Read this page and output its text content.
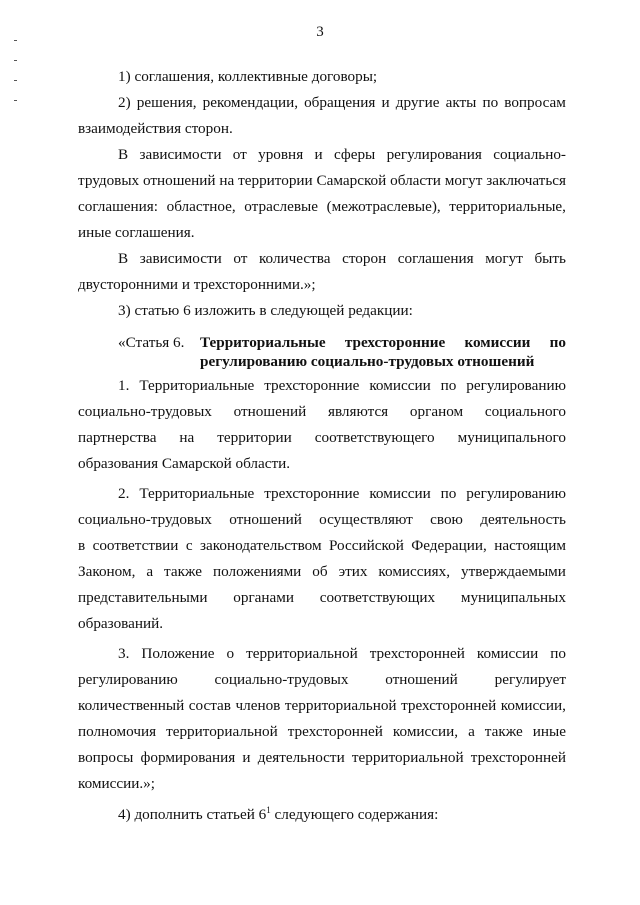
3
1) соглашения, коллективные договоры;
2) решения, рекомендации, обращения и другие акты по вопросам
взаимодействия сторон.
В зависимости от уровня и сферы регулирования социально-
трудовых отношений на территории Самарской области могут заключаться
соглашения: областное, отраслевые (межотраслевые), территориальные,
иные соглашения.
В зависимости от количества сторон соглашения могут быть
двусторонними и трехсторонними.»;
3) статью 6 изложить в следующей редакции:
«Статья 6.	Территориальные трехсторонние комиссии по
регулированию социально-трудовых отношений
1. Территориальные трехсторонние комиссии по регулированию
социально-трудовых отношений являются органом социального
партнерства на территории соответствующего муниципального
образования Самарской области.
2. Территориальные трехсторонние комиссии по регулированию
социально-трудовых отношений осуществляют свою деятельность
в соответствии с законодательством Российской Федерации, настоящим
Законом, а также положениями об этих комиссиях, утверждаемыми
представительными органами соответствующих муниципальных
образований.
3. Положение о территориальной трехсторонней комиссии по
регулированию социально-трудовых отношений регулирует
количественный состав членов территориальной трехсторонней комиссии,
полномочия территориальной трехсторонней комиссии, а также иные
вопросы формирования и деятельности территориальной трехсторонней
комиссии.»;
4) дополнить статьей $6^1$ следующего содержания:
